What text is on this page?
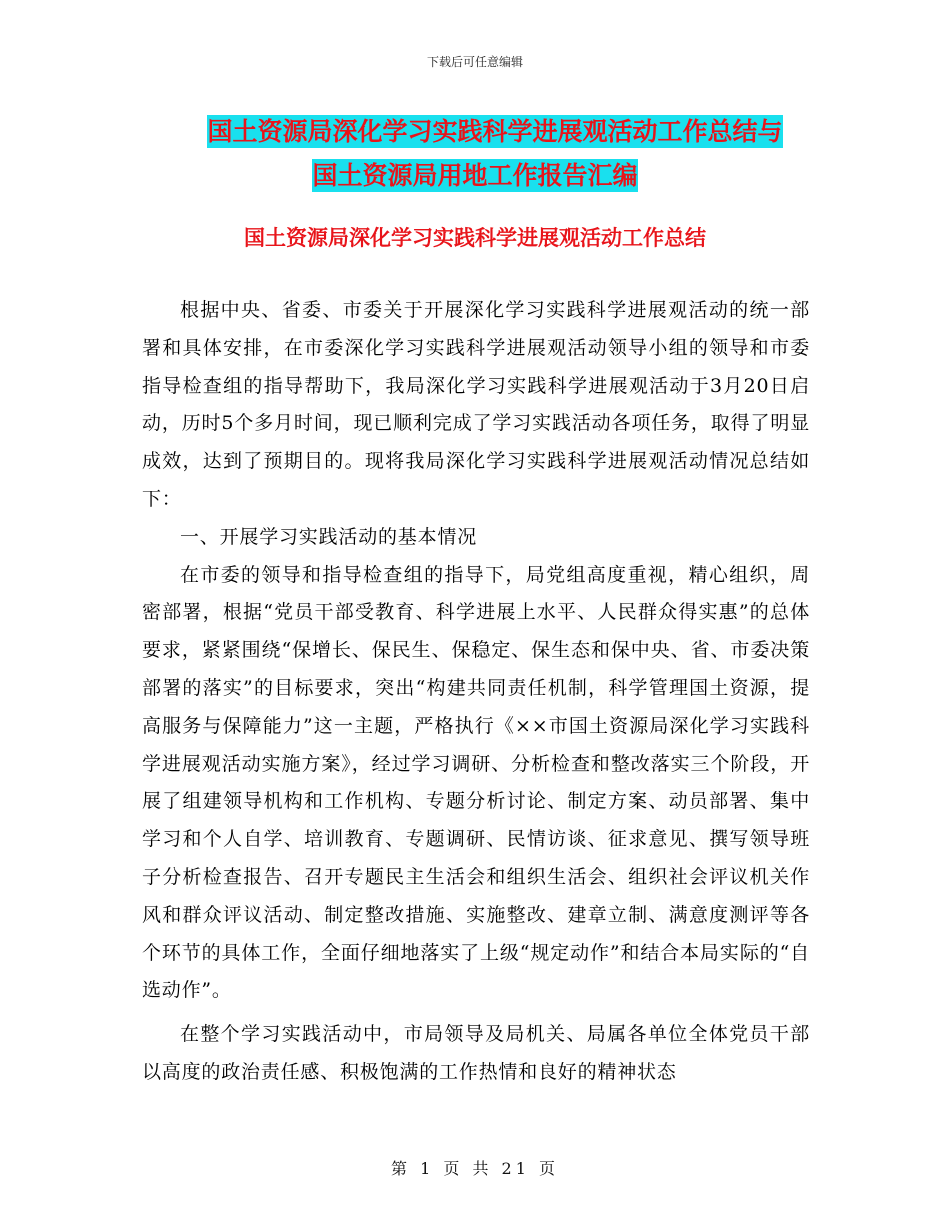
下载后可任意编辑
国土资源局深化学习实践科学进展观活动工作总结与
国土资源局用地工作报告汇编
国土资源局深化学习实践科学进展观活动工作总结

根据中央、省委、市委关于开展深化学习实践科学进展观活动的统一部署和具体安排，在市委深化学习实践科学进展观活动领导小组的领导和市委指导检查组的指导帮助下，我局深化学习实践科学进展观活动于3月20日启动，历时5个多月时间，现已顺利完成了学习实践活动各项任务，取得了明显成效，达到了预期目的。现将我局深化学习实践科学进展观活动情况总结如下：

一、开展学习实践活动的基本情况

在市委的领导和指导检查组的指导下，局党组高度重视，精心组织，周密部署，根据“党员干部受教育、科学进展上水平、人民群众得实惠”的总体要求，紧紧围绕“保增长、保民生、保稳定、保生态和保中央、省、市委决策部署的落实”的目标要求，突出“构建共同责任机制，科学管理国土资源，提高服务与保障能力”这一主题，严格执行《××市国土资源局深化学习实践科学进展观活动实施方案》，经过学习调研、分析检查和整改落实三个阶段，开展了组建领导机构和工作机构、专题分析讨论、制定方案、动员部署、集中学习和个人自学、培训教育、专题调研、民情访谈、征求意见、撰写领导班子分析检查报告、召开专题民主生活会和组织生活会、组织社会评议机关作风和群众评议活动、制定整改措施、实施整改、建章立制、满意度测评等各个环节的具体工作，全面仔细地落实了上级“规定动作”和结合本局实际的“自选动作”。

在整个学习实践活动中，市局领导及局机关、局属各单位全体党员干部以高度的政治责任感、积极饱满的工作热情和良好的精神状态

第 1 页 共 21 页
